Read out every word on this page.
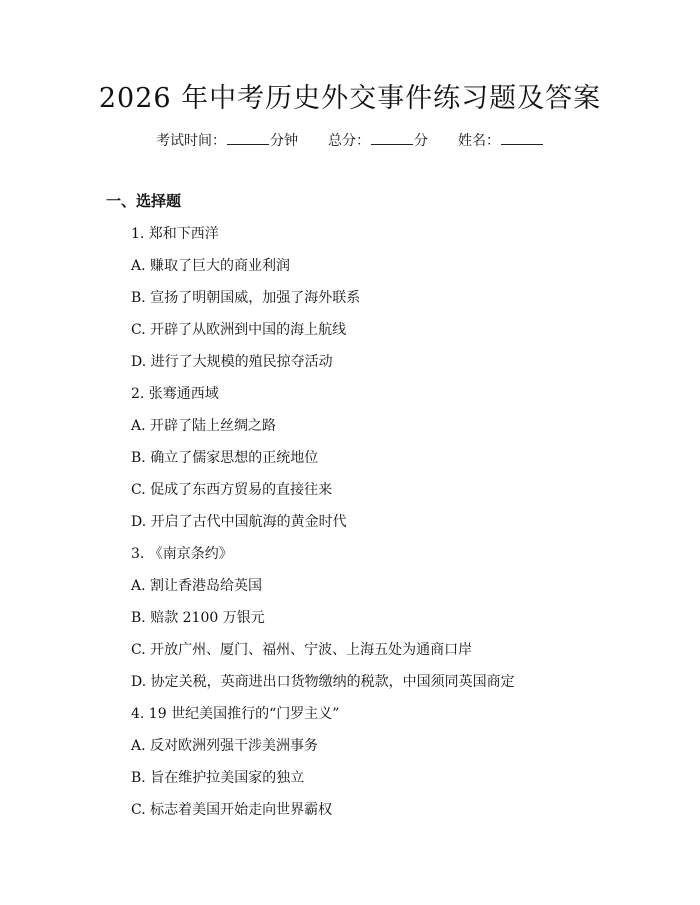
2026 年中考历史外交事件练习题及答案
考试时间：	分钟 总分：	分 姓名：
一、选择题
1. 郑和下西洋
A. 赚取了巨大的商业利润
B. 宣扬了明朝国威，加强了海外联系
C. 开辟了从欧洲到中国的海上航线
D. 进行了大规模的殖民掠夺活动
2. 张骞通西域
A. 开辟了陆上丝绸之路
B. 确立了儒家思想的正统地位
C. 促成了东西方贸易的直接往来
D. 开启了古代中国航海的黄金时代
3. 《南京条约》
A. 割让香港岛给英国
B. 赔款 2100 万银元
C. 开放广州、厦门、福州、宁波、上海五处为通商口岸
D. 协定关税，英商进出口货物缴纳的税款，中国须同英国商定
4. 19 世纪美国推行的“门罗主义”
A. 反对欧洲列强干涉美洲事务
B. 旨在维护拉美国家的独立
C. 标志着美国开始走向世界霸权
